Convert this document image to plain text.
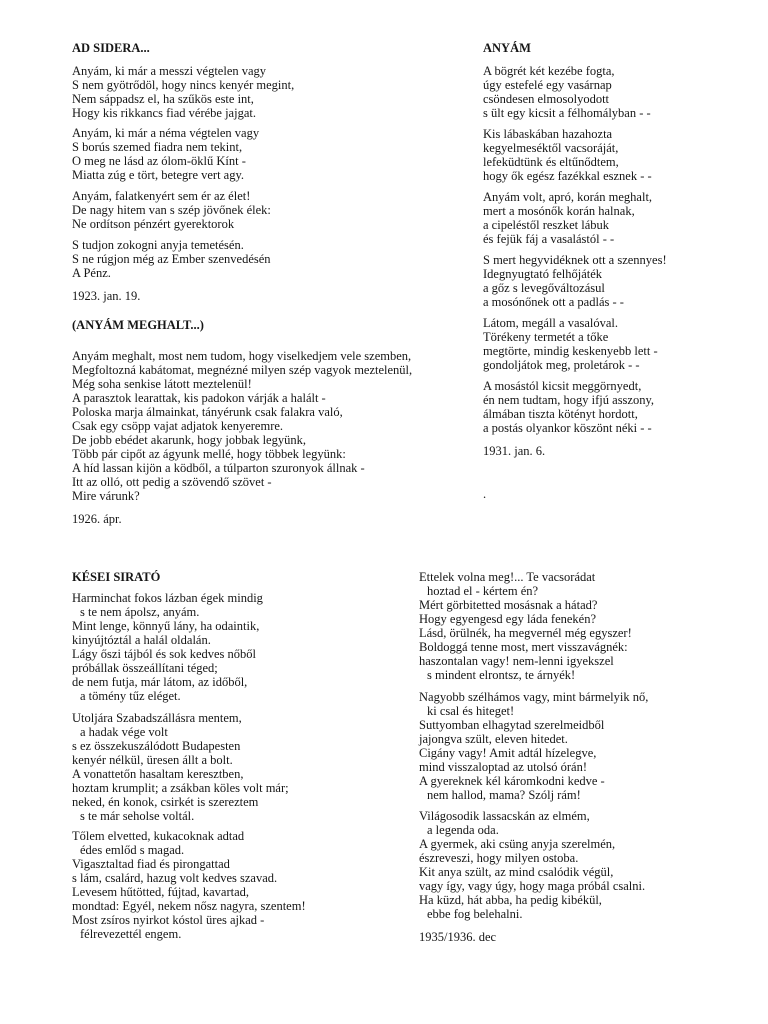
AD SIDERA...
Anyám, ki már a messzi végtelen vagy
S nem gyötrődöl, hogy nincs kenyér megint,
Nem sáppadsz el, ha szűkös este int,
Hogy kis rikkancs fiad vérébe jajgat.
Anyám, ki már a néma végtelen vagy
S borús szemed fiadra nem tekint,
O meg ne lásd az ólom-öklű Kínt -
Miatta zúg e tört, betegre vert agy.
Anyám, falatkenyért sem ér az élet!
De nagy hitem van s szép jövőnek élek:
Ne ordítson pénzért gyerektorok
S tudjon zokogni anyja temetésén.
S ne rúgjon még az Ember szenvedésén
A Pénz.
1923. jan. 19.
(ANYÁM MEGHALT...)
Anyám meghalt, most nem tudom, hogy viselkedjem vele szemben,
Megfoltozná kabátomat, megnézné milyen szép vagyok meztelenül,
Még soha senkise látott meztelenül!
A parasztok learattak, kis padokon várják a halált -
Poloska marja álmainkat, tányérunk csak falakra való,
Csak egy csöpp vajat adjatok kenyeremre.
De jobb ebédet akarunk, hogy jobbak legyünk,
Több pár cipőt az ágyunk mellé, hogy többek legyünk:
A híd lassan kijön a ködből, a túlparton szuronyok állnak -
Itt az olló, ott pedig a szövendő szövet -
Mire várunk?
1926. ápr.
ANYÁM
A bögrét két kezébe fogta,
úgy estefelé egy vasárnap
csöndesen elmosolyodott
s ült egy kicsit a félhomályban - -
Kis lábaskában hazahozta
kegyelmeséktől vacsoráját,
lefeküdtünk és eltűnődtem,
hogy ők egész fazékkal esznek - -
Anyám volt, apró, korán meghalt,
mert a mosónők korán halnak,
a cipeléstől reszket lábuk
és fejük fáj a vasalástól - -
S mert hegyvidéknek ott a szennyes!
Idegnyugtató felhőjáték
a gőz s levegőváltozásul
a mosónőnek ott a padlás - -
Látom, megáll a vasalóval.
Törékeny termetét a tőke
megtörte, mindig keskenyebb lett -
gondoljátok meg, proletárok - -
A mosástól kicsit meggörnyedt,
én nem tudtam, hogy ifjú asszony,
álmában tiszta kötényt hordott,
a postás olyankor köszönt néki - -
1931. jan. 6.
.
KÉSEI SIRATÓ
Harminchat fokos lázban égek mindig
s te nem ápolsz, anyám.
Mint lenge, könnyű lány, ha odaintik,
kinyújtóztál a halál oldalán.
Lágy őszi tájból és sok kedves nőből
próbállak összeállítani téged;
de nem futja, már látom, az időből,
a tömény tűz eléget.
Utoljára Szabadszállásra mentem,
a hadak vége volt
s ez összekuszálódott Budapesten
kenyér nélkül, üresen állt a bolt.
A vonattetőn hasaltam keresztben,
hoztam krumplit; a zsákban köles volt már;
neked, én konok, csirkét is szereztem
s te már seholse voltál.
Tőlem elvetted, kukacoknak adtad
édes emlőd s magad.
Vigasztaltad fiad és pirongattad
s lám, csalárd, hazug volt kedves szavad.
Levesem hűtötted, fújtad, kavartad,
mondtad: Egyél, nekem nősz nagyra, szentem!
Most zsíros nyirkot kóstol üres ajkad -
félrevezettél engem.
Ettelek volna meg!... Te vacsorádat
hoztad el - kértem én?
Mért görbitetted mosásnak a hátad?
Hogy egyengesd egy láda fenekén?
Lásd, örülnék, ha megvernél még egyszer!
Boldoggá tenne most, mert visszavágnék:
haszontalan vagy! nem-lenni igyekszel
s mindent elrontsz, te árnyék!
Nagyobb szélhámos vagy, mint bármelyik nő,
ki csal és hiteget!
Suttyomban elhagytad szerelmeidből
jajongva szült, eleven hitedet.
Cigány vagy! Amit adtál hízelegve,
mind visszaloptad az utolsó órán!
A gyereknek kél káromkodni kedve -
nem hallod, mama? Szólj rám!
Világosodik lassacskán az elmém,
a legenda oda.
A gyermek, aki csüng anyja szerelmén,
észreveszi, hogy milyen ostoba.
Kit anya szült, az mind csalódik végül,
vagy így, vagy úgy, hogy maga próbál csalni.
Ha küzd, hát abba, ha pedig kibékül,
ebbe fog belehalni.
1935/1936. dec
